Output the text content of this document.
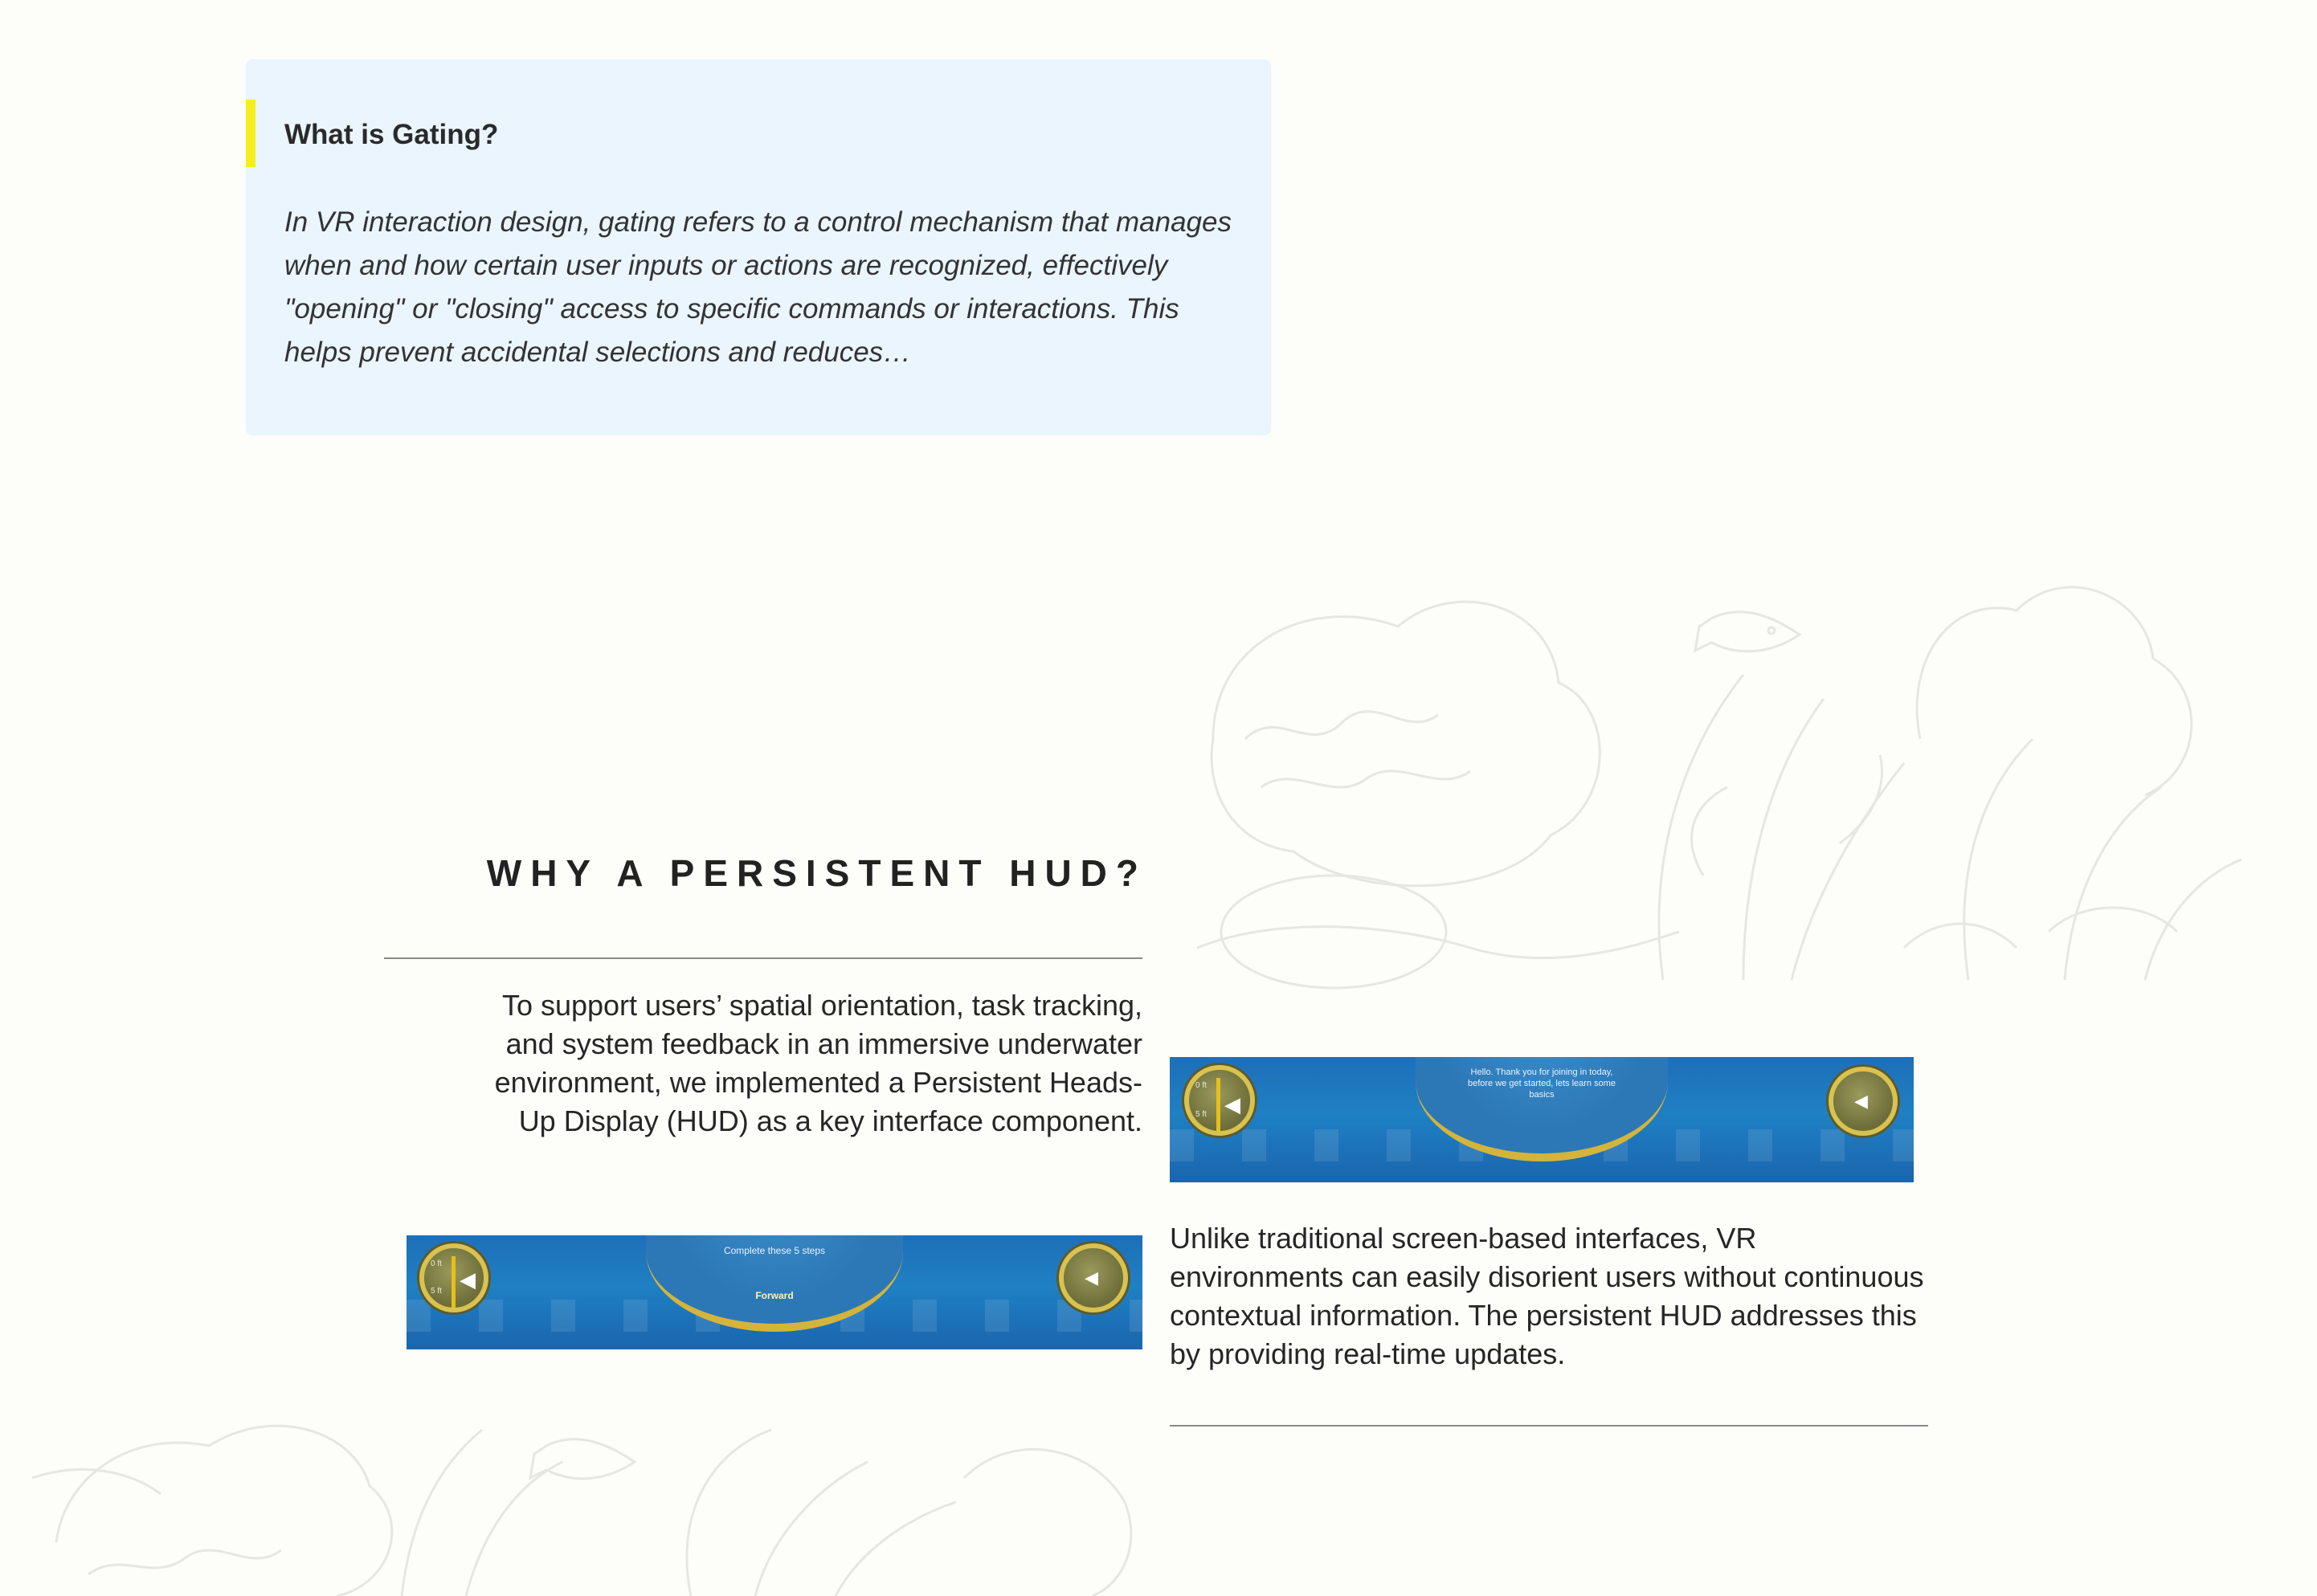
What is Gating?
In VR interaction design, gating refers to a control mechanism that manages when and how certain user inputs or actions are recognized, effectively "opening" or "closing" access to specific commands or interactions. This helps prevent accidental selections and reduces…
WHY A PERSISTENT HUD?
To support users’ spatial orientation, task tracking, and system feedback in an immersive underwater environment, we implemented a Persistent Heads-Up Display (HUD) as a key interface component.
Hello. Thank you for joining in today, before we get started, lets learn some basics
0 ft
5 ft ◀	◀
Unlike traditional screen-based interfaces, VR environments can easily disorient users without continuous contextual information. The persistent HUD addresses this by providing real-time updates.
Complete these 5 steps
Forward
0 ft
5 ft ◀	◀
